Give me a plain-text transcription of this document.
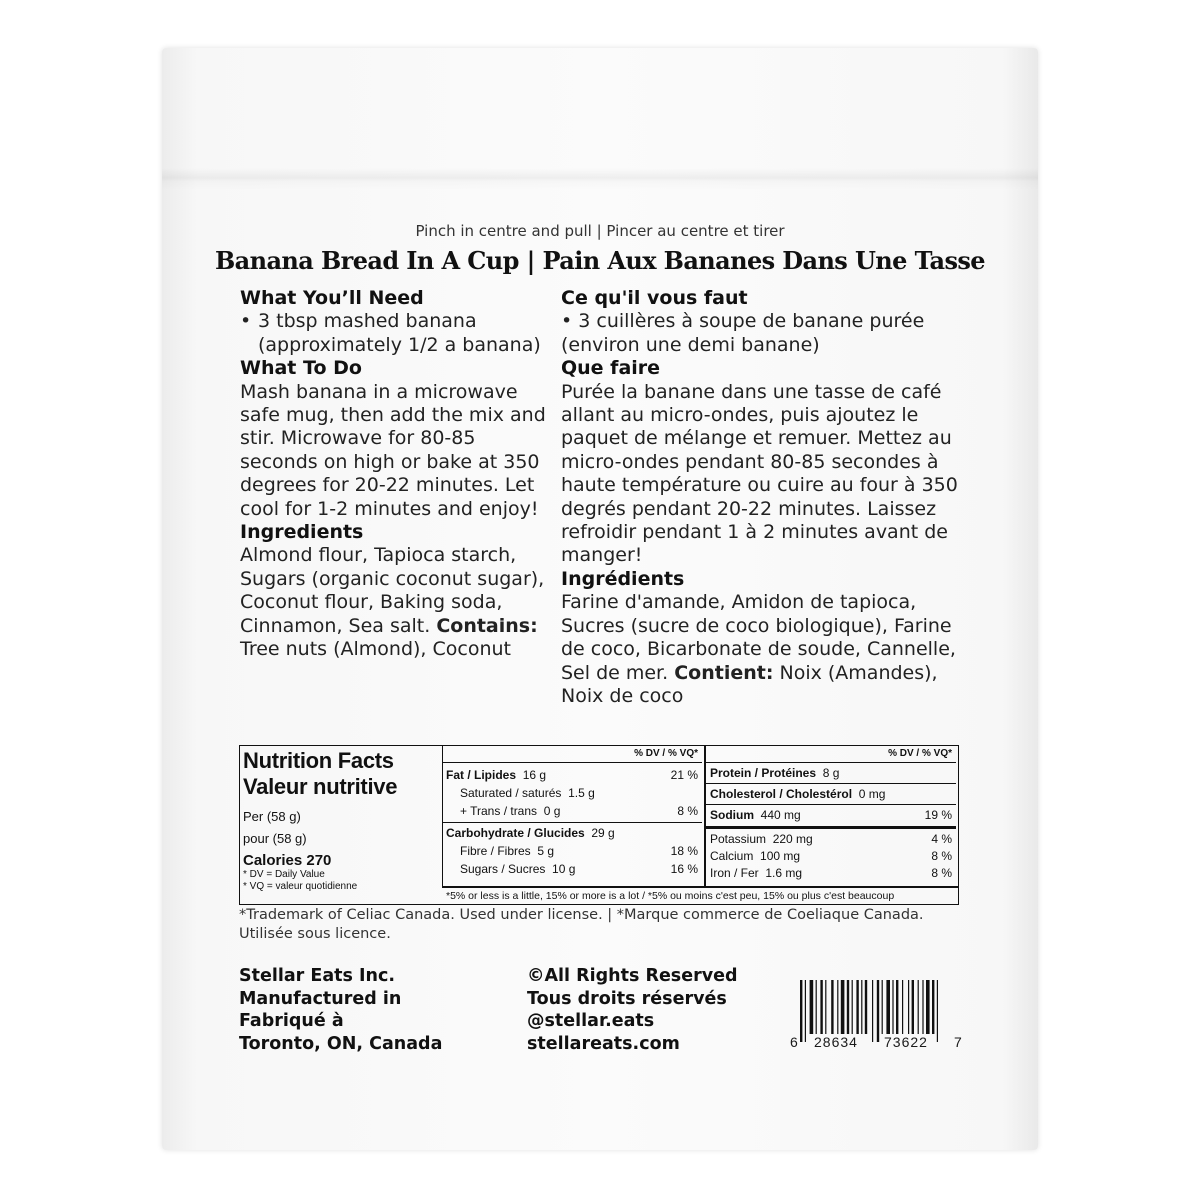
Pinch in centre and pull | Pincer au centre et tirer
Banana Bread In A Cup | Pain Aux Bananes Dans Une Tasse
What You’ll Need
• 3 tbsp mashed banana (approximately 1/2 a banana)
What To Do
Mash banana in a microwave safe mug, then add the mix and stir. Microwave for 80-85 seconds on high or bake at 350 degrees for 20-22 minutes. Let cool for 1-2 minutes and enjoy!
Ingredients
Almond flour, Tapioca starch, Sugars (organic coconut sugar), Coconut flour, Baking soda, Cinnamon, Sea salt. Contains: Tree nuts (Almond), Coconut
Ce qu'il vous faut
• 3 cuillères à soupe de banane purée (environ une demi banane)
Que faire
Purée la banane dans une tasse de café allant au micro-ondes, puis ajoutez le paquet de mélange et remuer. Mettez au micro-ondes pendant 80-85 secondes à haute température ou cuire au four à 350 degrés pendant 20-22 minutes. Laissez refroidir pendant 1 à 2 minutes avant de manger!
Ingrédients
Farine d'amande, Amidon de tapioca, Sucres (sucre de coco biologique), Farine de coco, Bicarbonate de soude, Cannelle, Sel de mer. Contient: Noix (Amandes), Noix de coco
Nutrition Facts
Valeur nutritive
Per (58 g)
pour (58 g)
Calories 270
* DV = Daily Value
* VQ = valeur quotidienne
% DV / % VQ*
Fat / Lipides 16 g	21 %
Saturated / saturés 1.5 g
+ Trans / trans 0 g	8 %
Carbohydrate / Glucides 29 g
Fibre / Fibres 5 g	18 %
Sugars / Sucres 10 g	16 %
% DV / % VQ*
Protein / Protéines 8 g
Cholesterol / Cholestérol 0 mg
Sodium 440 mg	19 %
Potassium 220 mg	4 %
Calcium 100 mg	8 %
Iron / Fer 1.6 mg	8 %
*5% or less is a little, 15% or more is a lot / *5% ou moins c'est peu, 15% ou plus c'est beaucoup
*Trademark of Celiac Canada. Used under license. | *Marque commerce de Coeliaque Canada. Utilisée sous licence.
Stellar Eats Inc.
Manufactured in
Fabriqué à
Toronto, ON, Canada
©All Rights Reserved
Tous droits réservés
@stellar.eats
stellareats.com	6 28634 73622 7
